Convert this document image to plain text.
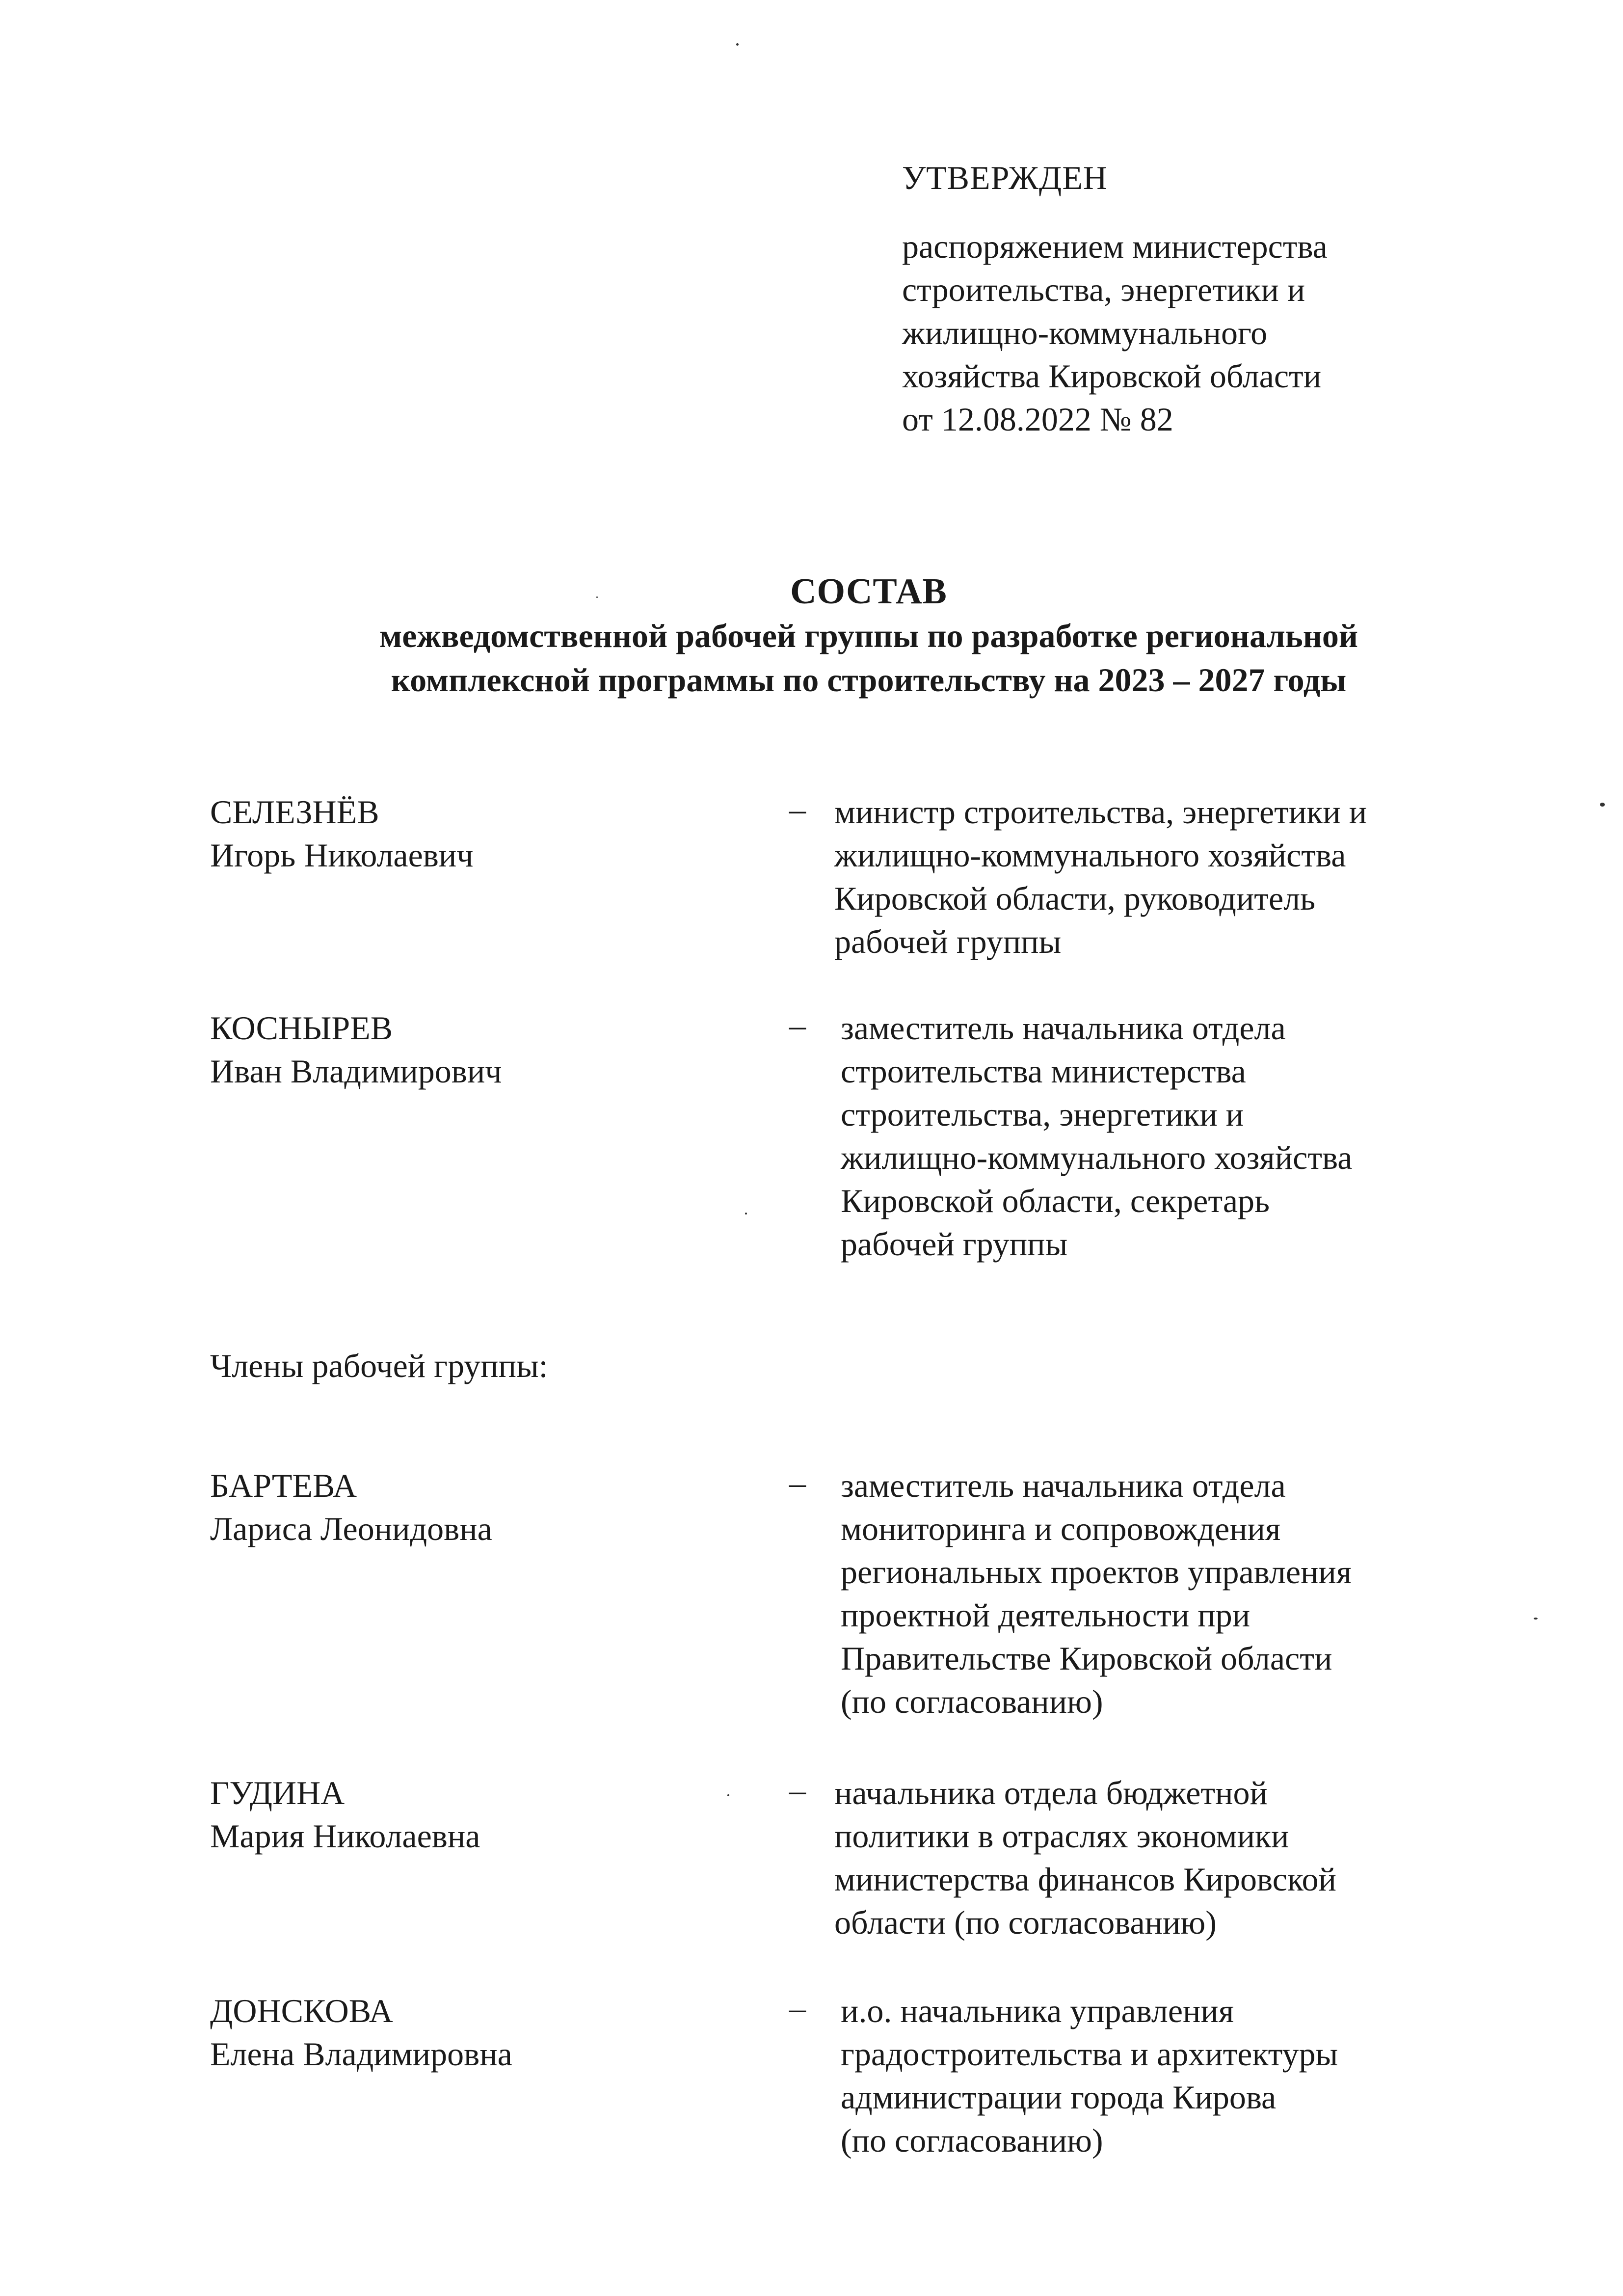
УТВЕРЖДЕН
распоряжением министерства
строительства, энергетики и
жилищно-коммунального
хозяйства Кировской области
от 12.08.2022 № 82
СОСТАВ
межведомственной рабочей группы по разработке региональной
комплексной программы по строительству на 2023 – 2027 годы
СЕЛЕЗНЁВ
Игорь Николаевич
– министр строительства, энергетики и
жилищно-коммунального хозяйства
Кировской области, руководитель
рабочей группы
КОСНЫРЕВ
Иван Владимирович
– заместитель начальника отдела
строительства министерства
строительства, энергетики и
жилищно-коммунального хозяйства
Кировской области, секретарь
рабочей группы
Члены рабочей группы:
БАРТЕВА
Лариса Леонидовна
– заместитель начальника отдела
мониторинга и сопровождения
региональных проектов управления
проектной деятельности при
Правительстве Кировской области
(по согласованию)
ГУДИНА
Мария Николаевна
– начальника отдела бюджетной
политики в отраслях экономики
министерства финансов Кировской
области (по согласованию)
ДОНСКОВА
Елена Владимировна
– и.о. начальника управления
градостроительства и архитектуры
администрации города Кирова
(по согласованию)
